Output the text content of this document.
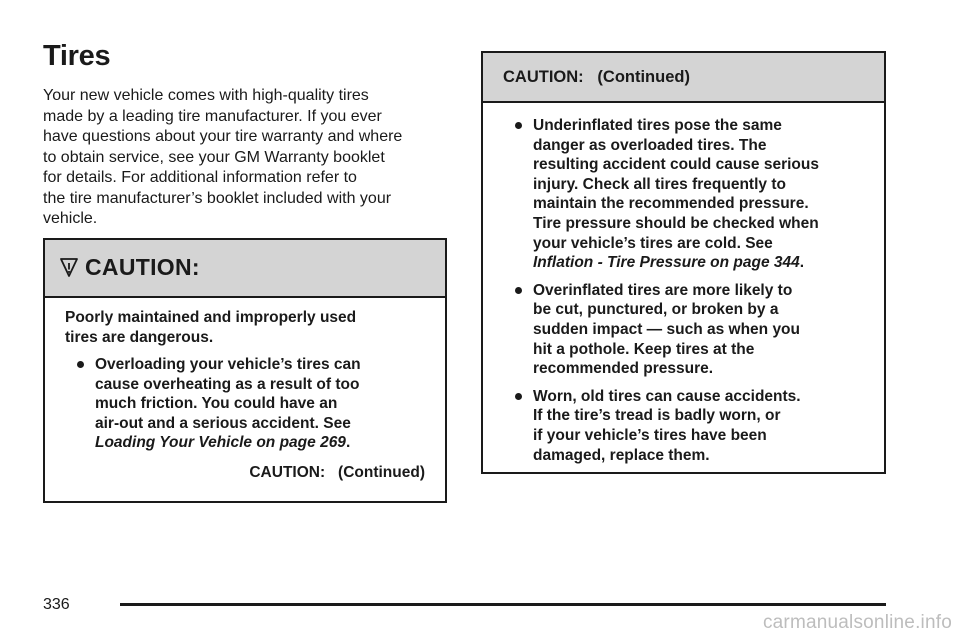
Tires

Your new vehicle comes with high-quality tires
made by a leading tire manufacturer. If you ever
have questions about your tire warranty and where
to obtain service, see your GM Warranty booklet
for details. For additional information refer to
the tire manufacturer’s booklet included with your
vehicle.

CAUTION:
Poorly maintained and improperly used
tires are dangerous.
Overloading your vehicle’s tires can
cause overheating as a result of too
much friction. You could have an
air-out and a serious accident. See
Loading Your Vehicle on page 269.
CAUTION:   (Continued)
CAUTION:   (Continued)
Underinflated tires pose the same
danger as overloaded tires. The
resulting accident could cause serious
injury. Check all tires frequently to
maintain the recommended pressure.
Tire pressure should be checked when
your vehicle’s tires are cold. See
Inflation - Tire Pressure on page 344.
Overinflated tires are more likely to
be cut, punctured, or broken by a
sudden impact — such as when you
hit a pothole. Keep tires at the
recommended pressure.
Worn, old tires can cause accidents.
If the tire’s tread is badly worn, or
if your vehicle’s tires have been
damaged, replace them.
336
carmanualsonline.info
